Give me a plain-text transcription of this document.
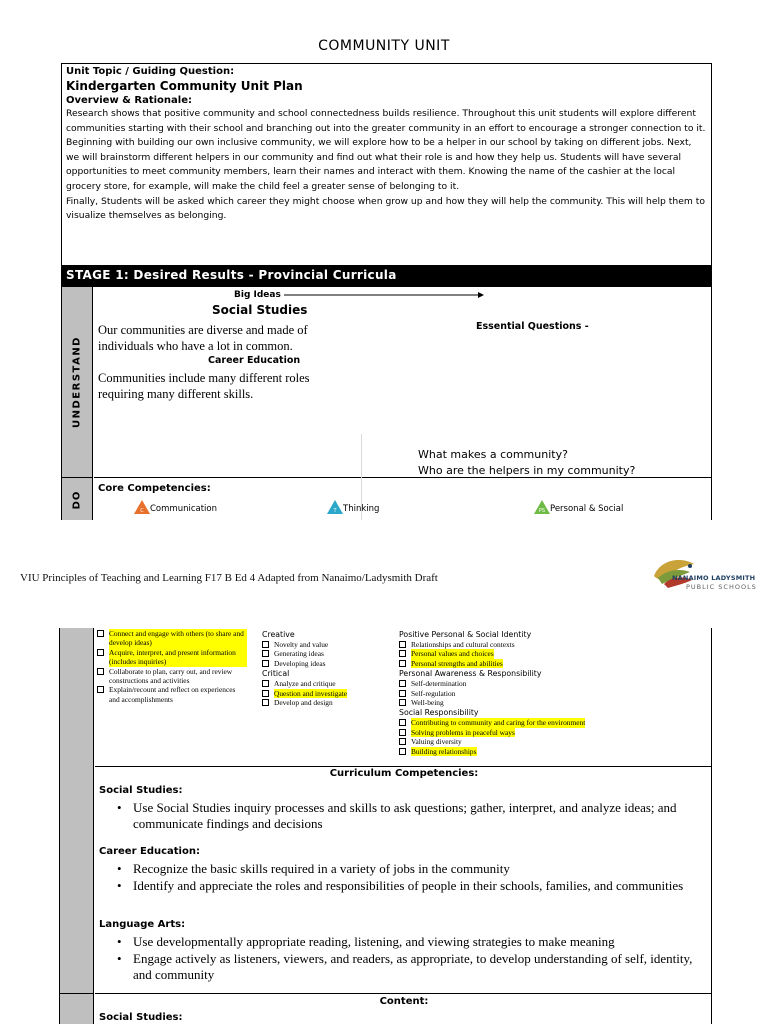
COMMUNITY UNIT
Unit Topic / Guiding Question:
Kindergarten Community Unit Plan
Overview & Rationale:

Research shows that positive community and school connectedness builds resilience. Throughout this unit students will explore different communities starting with their school and branching out into the greater community in an effort to encourage a stronger connection to it.

Beginning with building our own inclusive community, we will explore how to be a helper in our school by taking on different jobs. Next, we will brainstorm different helpers in our community and find out what their role is and how they help us. Students will have several opportunities to meet community members, learn their names and interact with them. Knowing the name of the cashier at the local grocery store, for example, will make the child feel a greater sense of belonging to it.

Finally, Students will be asked which career they might choose when grow up and how they will help the community. This will help them to visualize themselves as belonging.

STAGE 1: Desired Results - Provincial Curricula
UNDERSTAND
Big Ideas
Social Studies
Our communities are diverse and made of individuals who have a lot in common.
Career Education
Communities include many different roles requiring many different skills.
Essential Questions -
What makes a community?
Who are the helpers in my community?
DO
Core Competencies:
C Communication	T Thinking	PS Personal & Social
VIU Principles of Teaching and Learning F17 B Ed 4 Adapted from Nanaimo/Ladysmith Draft	NANAIMO LADYSMITH
PUBLIC SCHOOLS
Connect and engage with others (to share and develop ideas)
Acquire, interpret, and present information (includes inquiries)
Collaborate to plan, carry out, and review constructions and activities
Explain/recount and reflect on experiences and accomplishments
Creative
Novelty and value
Generating ideas
Developing ideas
Critical
Analyze and critique
Question and investigate
Develop and design
Positive Personal & Social Identity
Relationships and cultural contexts
Personal values and choices
Personal strengths and abilities
Personal Awareness & Responsibility
Self-determination
Self-regulation
Well-being
Social Responsibility
Contributing to community and caring for the environment
Solving problems in peaceful ways
Valuing diversity
Building relationships
Curriculum Competencies:
Social Studies:
• Use Social Studies inquiry processes and skills to ask questions; gather, interpret, and analyze ideas; and communicate findings and decisions
Career Education:
• Recognize the basic skills required in a variety of jobs in the community
• Identify and appreciate the roles and responsibilities of people in their schools, families, and communities
Language Arts:
• Use developmentally appropriate reading, listening, and viewing strategies to make meaning
• Engage actively as listeners, viewers, and readers, as appropriate, to develop understanding of self, identity, and community
Content:
Social Studies:
